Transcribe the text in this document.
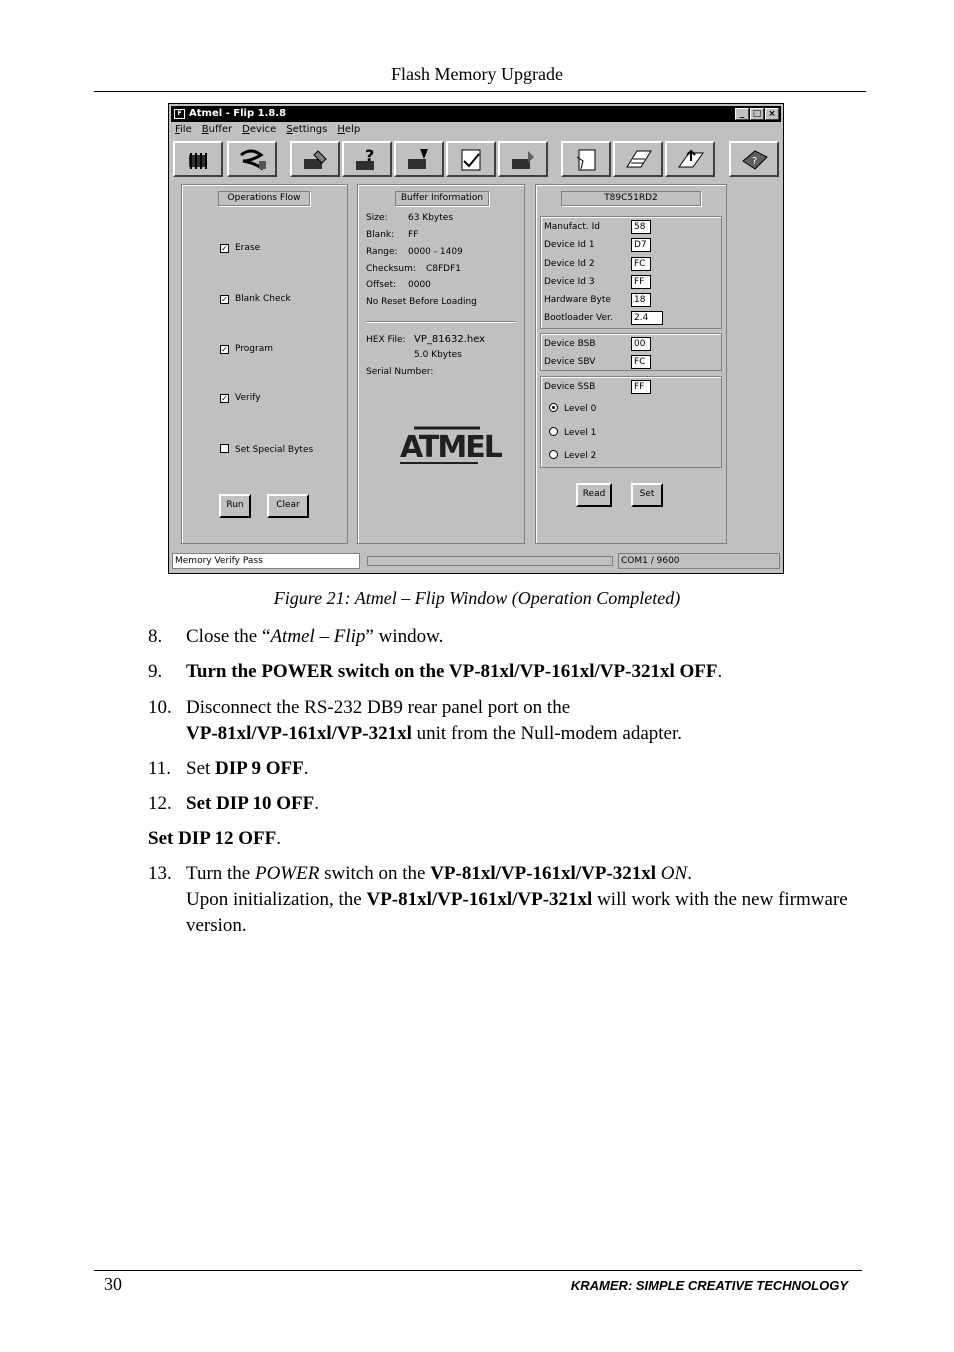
Flash Memory Upgrade
F Atmel - Flip 1.8.8	_ □ ×
File Buffer Device Settings Help
?	?
Operations Flow
✓ Erase
✓ Blank Check
✓ Program
✓ Verify
Set Special Bytes
Run	Clear
Buffer Information
Size: 63 Kbytes
Blank: FF
Range: 0000 - 1409
Checksum: C8FDF1
Offset: 0000
No Reset Before Loading
HEX File: VP_81632.hex
5.0 Kbytes
Serial Number:
ATMEL
T89C51RD2
Manufact. Id	58
Device Id 1	D7
Device Id 2	FC
Device Id 3	FF
Hardware Byte	18
Bootloader Ver.	2.4
Device BSB	00
Device SBV	FC
Device SSB	FF
Level 0
Level 1
Level 2
Read	Set
Memory Verify Pass	COM1 / 9600
Figure 21: Atmel – Flip Window (Operation Completed)
8. Close the “Atmel – Flip” window.
9. Turn the POWER switch on the VP-81xl/VP-161xl/VP-321xl OFF.
10. Disconnect the RS-232 DB9 rear panel port on the
VP-81xl/VP-161xl/VP-321xl unit from the Null-modem adapter.
11. Set DIP 9 OFF.
12. Set DIP 10 OFF.
Set DIP 12 OFF.
13. Turn the POWER switch on the VP-81xl/VP-161xl/VP-321xl ON.
Upon initialization, the VP-81xl/VP-161xl/VP-321xl will work with the new firmware version.
30	KRAMER: SIMPLE CREATIVE TECHNOLOGY
